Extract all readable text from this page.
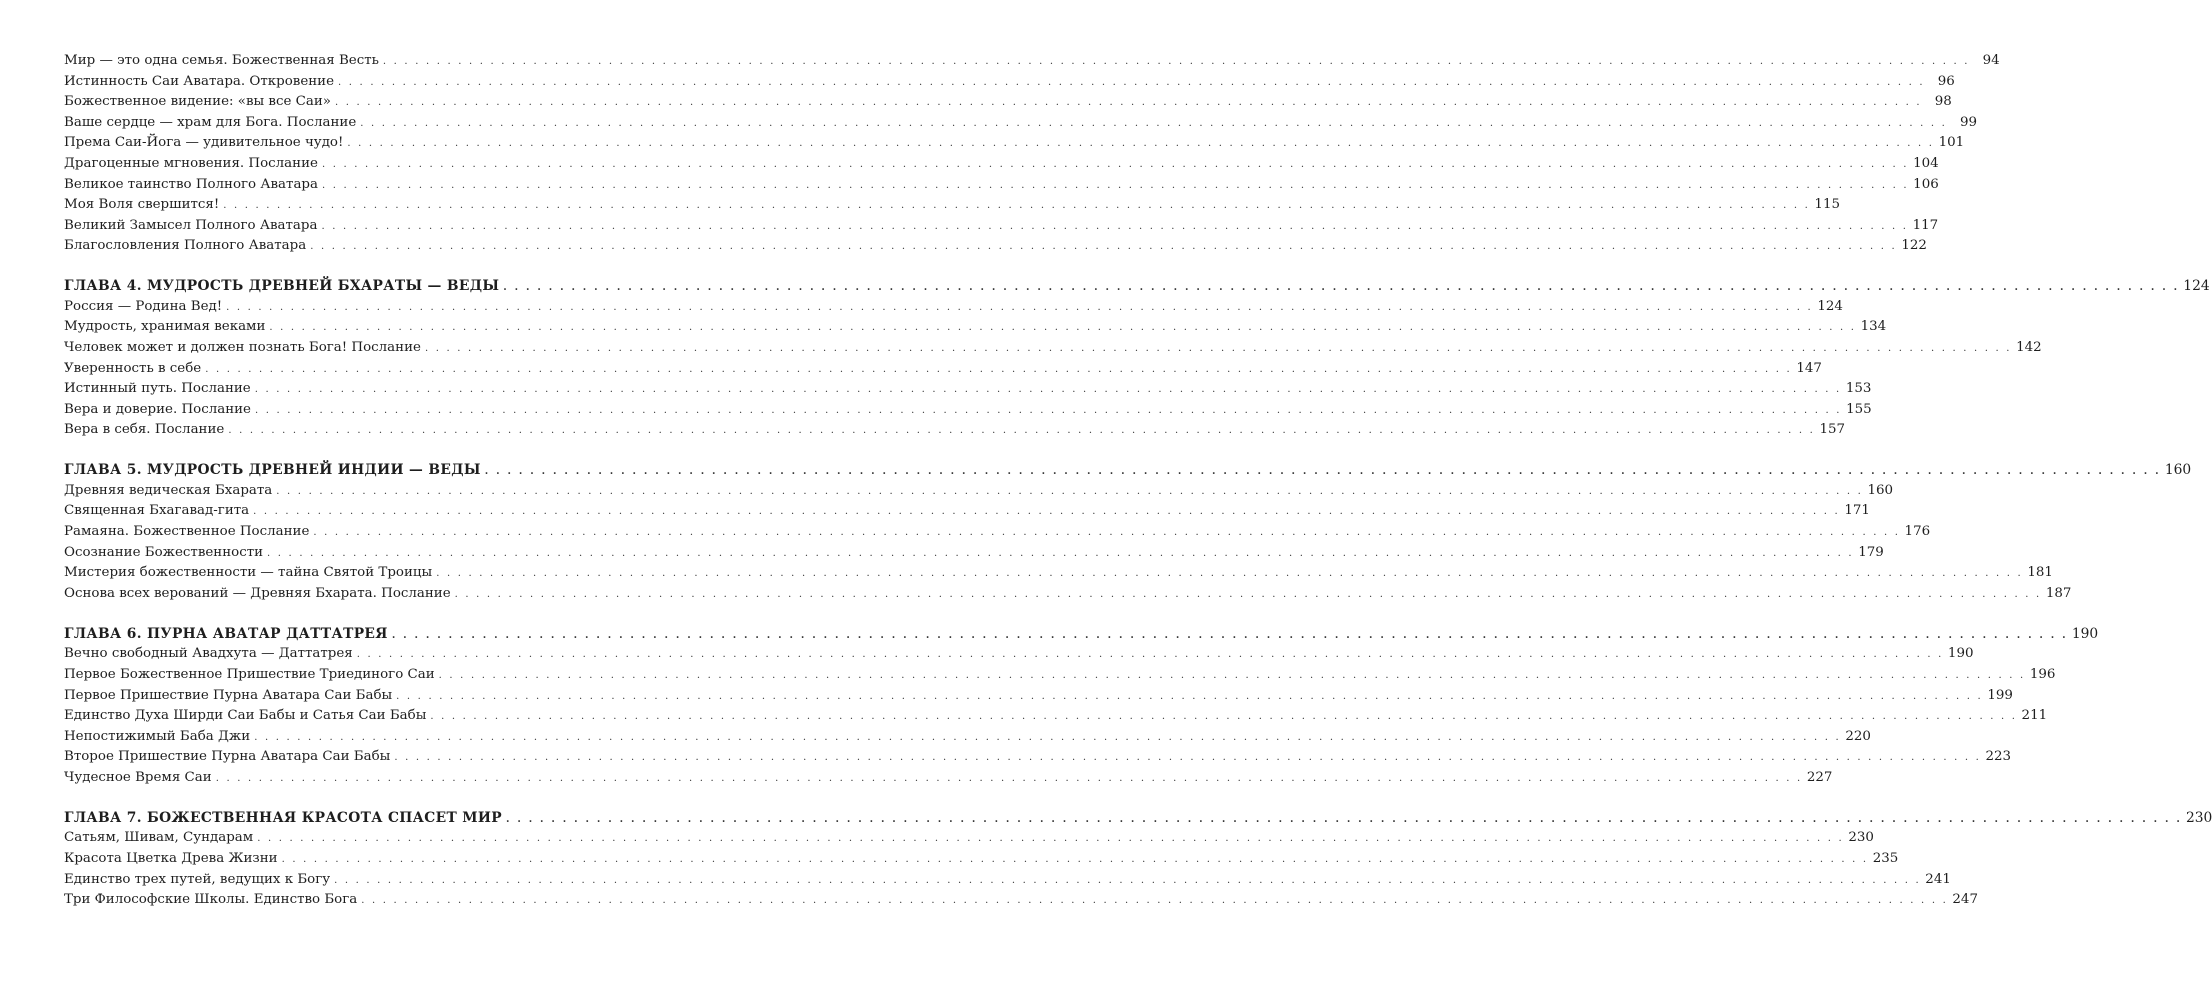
Мир — это одна семья. Божественная Весть . . .	94
Истинность Саи Аватара. Откровение . . .	96
Божественное видение: «вы все Саи» . . .	98
Ваше сердце — храм для Бога. Послание . . .	99
Према Саи-Йога — удивительное чудо! . . .	101
Драгоценные мгновения. Послание . . .	104
Великое таинство Полного Аватара . . .	106
Моя Воля свершится! . . .	115
Великий Замысел Полного Аватара . . .	117
Благословления Полного Аватара . . .	122
ГЛАВА 4. МУДРОСТЬ ДРЕВНЕЙ БХАРАТЫ — ВЕДЫ . . .	124
Россия — Родина Вед! . . .	124
Мудрость, хранимая веками . . .	134
Человек может и должен познать Бога! Послание . . .	142
Уверенность в себе . . .	147
Истинный путь. Послание . . .	153
Вера и доверие. Послание . . .	155
Вера в себя. Послание . . .	157
ГЛАВА 5. МУДРОСТЬ ДРЕВНЕЙ ИНДИИ — ВЕДЫ . . .	160
Древняя ведическая Бхарата . . .	160
Священная Бхагавад-гита . . .	171
Рамаяна. Божественное Послание . . .	176
Осознание Божественности . . .	179
Мистерия божественности — тайна Святой Троицы . . .	181
Основа всех верований — Древняя Бхарата. Послание . . .	187
ГЛАВА 6. ПУРНА АВАТАР ДАТТАТРЕЯ . . .	190
Вечно свободный Авадхута — Даттатрея . . .	190
Первое Божественное Пришествие Триединого Саи . . .	196
Первое Пришествие Пурна Аватара Саи Бабы . . .	199
Единство Духа Ширди Саи Бабы и Сатья Саи Бабы . . .	211
Непостижимый Баба Джи . . .	220
Второе Пришествие Пурна Аватара Саи Бабы . . .	223
Чудесное Время Саи . . .	227
ГЛАВА 7. БОЖЕСТВЕННАЯ КРАСОТА СПАСЕТ МИР . . .	230
Сатьям, Шивам, Сундарам . . .	230
Красота Цветка Древа Жизни . . .	235
Единство трех путей, ведущих к Богу . . .	241
Три Философские Школы. Единство Бога . . .	247
